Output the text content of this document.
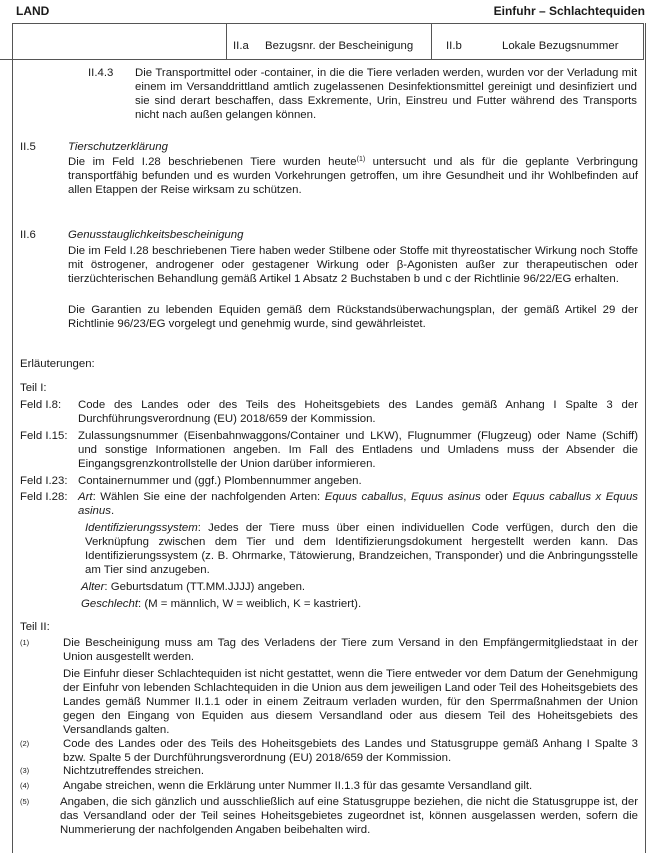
LAND	Einfuhr – Schlachtequiden
II.a Bezugsnr. der Bescheinigung	II.b	Lokale Bezugsnummer
II.4.3	Die Transportmittel oder -container, in die die Tiere verladen werden, wurden vor der Verladung mit einem im Versanddrittland amtlich zugelassenen Desinfektionsmittel gereinigt und desinfiziert und sie sind derart beschaffen, dass Exkremente, Urin, Einstreu und Futter während des Transports nicht nach außen gelangen können.
II.5	Tierschutzerklärung
Die im Feld I.28 beschriebenen Tiere wurden heute$^{(1)}$ untersucht und als für die geplante Verbringung transportfähig befunden und es wurden Vorkehrungen getroffen, um ihre Gesundheit und ihr Wohlbefinden auf allen Etappen der Reise wirksam zu schützen.
II.6	Genusstauglichkeitsbescheinigung
Die im Feld I.28 beschriebenen Tiere haben weder Stilbene oder Stoffe mit thyreostatischer Wirkung noch Stoffe mit östrogener, androgener oder gestagener Wirkung oder β-Agonisten außer zur therapeutischen oder tierzüchterischen Behandlung gemäß Artikel 1 Absatz 2 Buchstaben b und c der Richtlinie 96/22/EG erhalten.
Die Garantien zu lebenden Equiden gemäß dem Rückstandsüberwachungsplan, der gemäß Artikel 29 der Richtlinie 96/23/EG vorgelegt und genehmig wurde, sind gewährleistet.
Erläuterungen:
Teil I:
Feld I.8: Code des Landes oder des Teils des Hoheitsgebiets des Landes gemäß Anhang I Spalte 3 der Durchführungsverordnung (EU) 2018/659 der Kommission.
Feld I.15: Zulassungsnummer (Eisenbahnwaggons/Container und LKW), Flugnummer (Flugzeug) oder Name (Schiff) und sonstige Informationen angeben. Im Fall des Entladens und Umladens muss der Absender die Eingangsgrenzkontrollstelle der Union darüber informieren.
Feld I.23: Containernummer und (ggf.) Plombennummer angeben.
Feld I.28: Art: Wählen Sie eine der nachfolgenden Arten: Equus caballus, Equus asinus oder Equus caballus x Equus asinus.
Identifizierungssystem: Jedes der Tiere muss über einen individuellen Code verfügen, durch den die Verknüpfung zwischen dem Tier und dem Identifizierungsdokument hergestellt werden kann. Das Identifizierungssystem (z. B. Ohrmarke, Tätowierung, Brandzeichen, Transponder) und die Anbringungsstelle am Tier sind anzugeben.
Alter: Geburtsdatum (TT.MM.JJJJ) angeben.
Geschlecht: (M = männlich, W = weiblich, K = kastriert).
Teil II:
(1)	Die Bescheinigung muss am Tag des Verladens der Tiere zum Versand in den Empfängermitgliedstaat in der Union ausgestellt werden.
Die Einfuhr dieser Schlachtequiden ist nicht gestattet, wenn die Tiere entweder vor dem Datum der Genehmigung der Einfuhr von lebenden Schlachtequiden in die Union aus dem jeweiligen Land oder Teil des Hoheitsgebiets des Landes gemäß Nummer II.1.1 oder in einem Zeitraum verladen wurden, für den Sperrmaßnahmen der Union gegen den Eingang von Equiden aus diesem Versandland oder aus diesem Teil des Hoheitsgebiets des Versandlands galten.
(2)	Code des Landes oder des Teils des Hoheitsgebiets des Landes und Statusgruppe gemäß Anhang I Spalte 3 bzw. Spalte 5 der Durchführungsverordnung (EU) 2018/659 der Kommission.
(3)	Nichtzutreffendes streichen.
(4)	Angabe streichen, wenn die Erklärung unter Nummer II.1.3 für das gesamte Versandland gilt.
(5)	Angaben, die sich gänzlich und ausschließlich auf eine Statusgruppe beziehen, die nicht die Statusgruppe ist, der das Versandland oder der Teil seines Hoheitsgebietes zugeordnet ist, können ausgelassen werden, sofern die Nummerierung der nachfolgenden Angaben beibehalten wird.
